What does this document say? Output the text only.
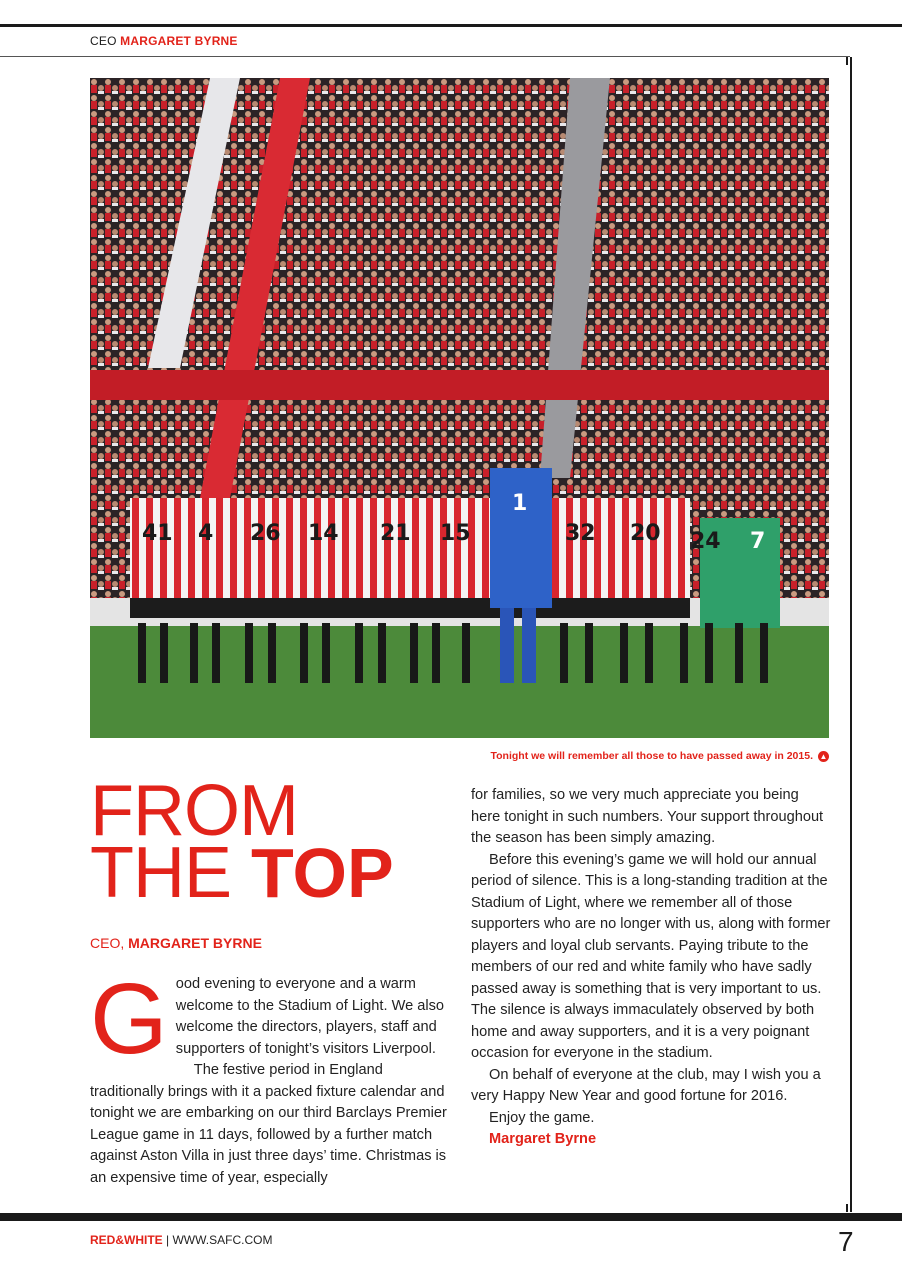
CEO MARGARET BYRNE
41 4 26 14 21 15
1
32 20 24 7
Tonight we will remember all those to have passed away in 2015. ▲
FROM
THE TOP
CEO, MARGARET BYRNE
G ood evening to everyone and a warm welcome to the Stadium of Light. We also welcome the directors, players, staff and supporters of tonight’s visitors Liverpool.

The festive period in England traditionally brings with it a packed fixture calendar and tonight we are embarking on our third Barclays Premier League game in 11 days, followed by a further match against Aston Villa in just three days’ time. Christmas is an expensive time of year, especially

for families, so we very much appreciate you being here tonight in such numbers. Your support throughout the season has been simply amazing.

Before this evening’s game we will hold our annual period of silence. This is a long-standing tradition at the Stadium of Light, where we remember all of those supporters who are no longer with us, along with former players and loyal club servants. Paying tribute to the members of our red and white family who have sadly passed away is something that is very important to us. The silence is always immaculately observed by both home and away supporters, and it is a very poignant occasion for everyone in the stadium.

On behalf of everyone at the club, may I wish you a very Happy New Year and good fortune for 2016.

Enjoy the game.

Margaret Byrne

RED&WHITE | WWW.SAFC.COM	7
